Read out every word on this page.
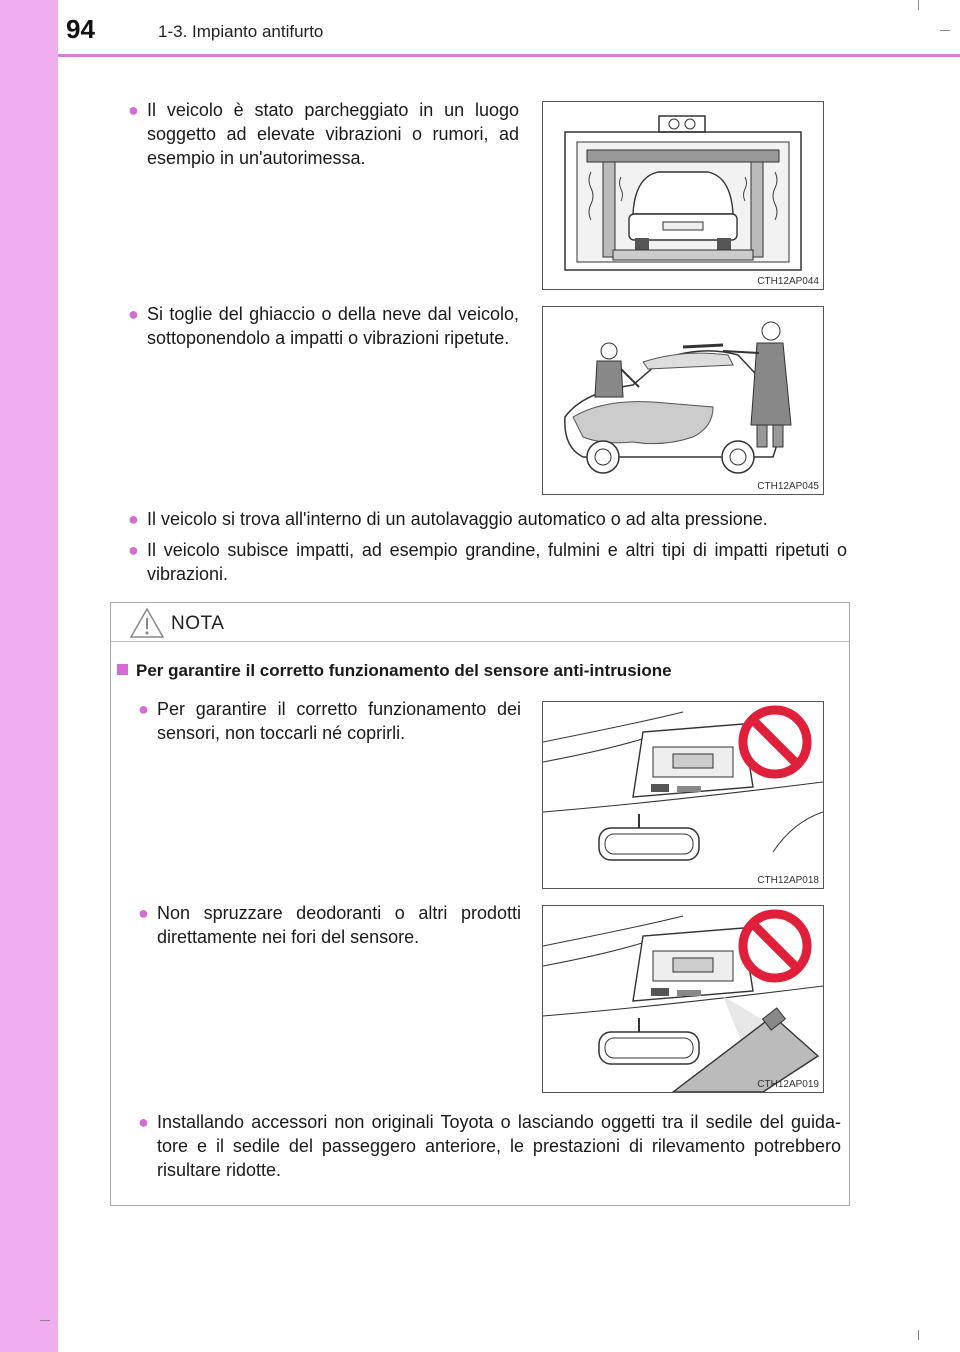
94	1-3. Impianto antifurto
● Il veicolo è stato parcheggiato in un luogo soggetto ad elevate vibrazioni o rumori, ad esempio in un'autorimessa.
CTH12AP044
● Si toglie del ghiaccio o della neve dal veicolo, sottoponendolo a impatti o vibrazioni ripetute.
CTH12AP045
● Il veicolo si trova all'interno di un autolavaggio automatico o ad alta pressione.
● Il veicolo subisce impatti, ad esempio grandine, fulmini e altri tipi di impatti ripetuti o vibrazioni.
NOTA
Per garantire il corretto funzionamento del sensore anti-intrusione
● Per garantire il corretto funzionamento dei sensori, non toccarli né coprirli.
● Non spruzzare deodoranti o altri prodotti direttamente nei fori del sensore.
● Installando accessori non originali Toyota o lasciando oggetti tra il sedile del guida-tore e il sedile del passeggero anteriore, le prestazioni di rilevamento potrebbero risultare ridotte.
CTH12AP018
CTH12AP019
